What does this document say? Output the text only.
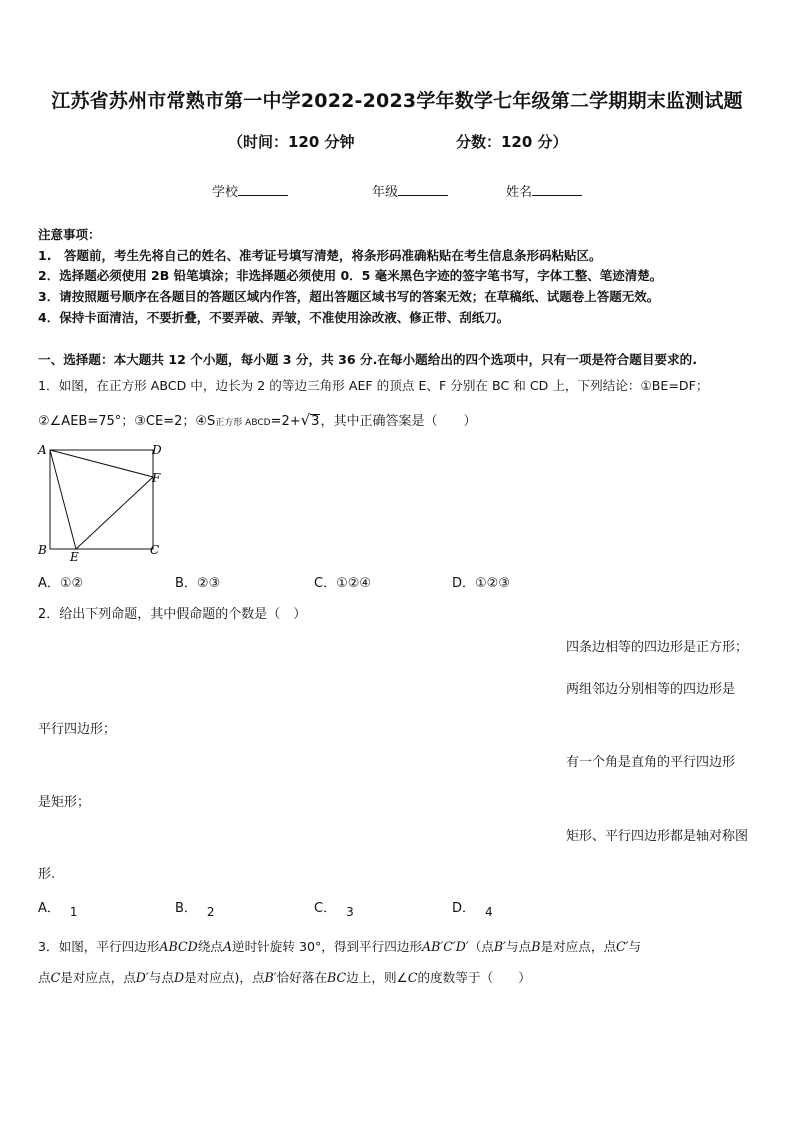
江苏省苏州市常熟市第一中学2022-2023学年数学七年级第二学期期末监测试题
（时间：120 分钟	分数：120 分）
学校	年级	姓名
注意事项：
1.　答题前，考生先将自己的姓名、准考证号填写清楚，将条形码准确粘贴在考生信息条形码粘贴区。
2．选择题必须使用 2B 铅笔填涂；非选择题必须使用 0．5 毫米黑色字迹的签字笔书写，字体工整、笔迹清楚。
3．请按照题号顺序在各题目的答题区域内作答，超出答题区域书写的答案无效；在草稿纸、试题卷上答题无效。
4．保持卡面清洁，不要折叠，不要弄破、弄皱，不准使用涂改液、修正带、刮纸刀。
一、选择题：本大题共 12 个小题，每小题 3 分，共 36 分.在每小题给出的四个选项中，只有一项是符合题目要求的.
1．如图，在正方形 ABCD 中，边长为 2 的等边三角形 AEF 的顶点 E、F 分别在 BC 和 CD 上，下列结论：①BE=DF；
②∠AEB=75°；③CE=2；④S正方形 ABCD=2+√3，其中正确答案是（　　）
A	D
F
B E	C
A．①②	B．②③	C．①②④	D．①②③
2．给出下列命题，其中假命题的个数是（　）
四条边相等的四边形是正方形；
两组邻边分别相等的四边形是
平行四边形；
有一个角是直角的平行四边形
是矩形；
矩形、平行四边形都是轴对称图
形.
A． 1	B． 2	C． 3	D． 4
3．如图，平行四边形ABCD绕点A逆时针旋转 30°，得到平行四边形AB′C′D′（点B′与点B是对应点，点C′与
点C是对应点，点D′与点D是对应点)，点B′恰好落在BC边上，则∠C的度数等于（　　）
